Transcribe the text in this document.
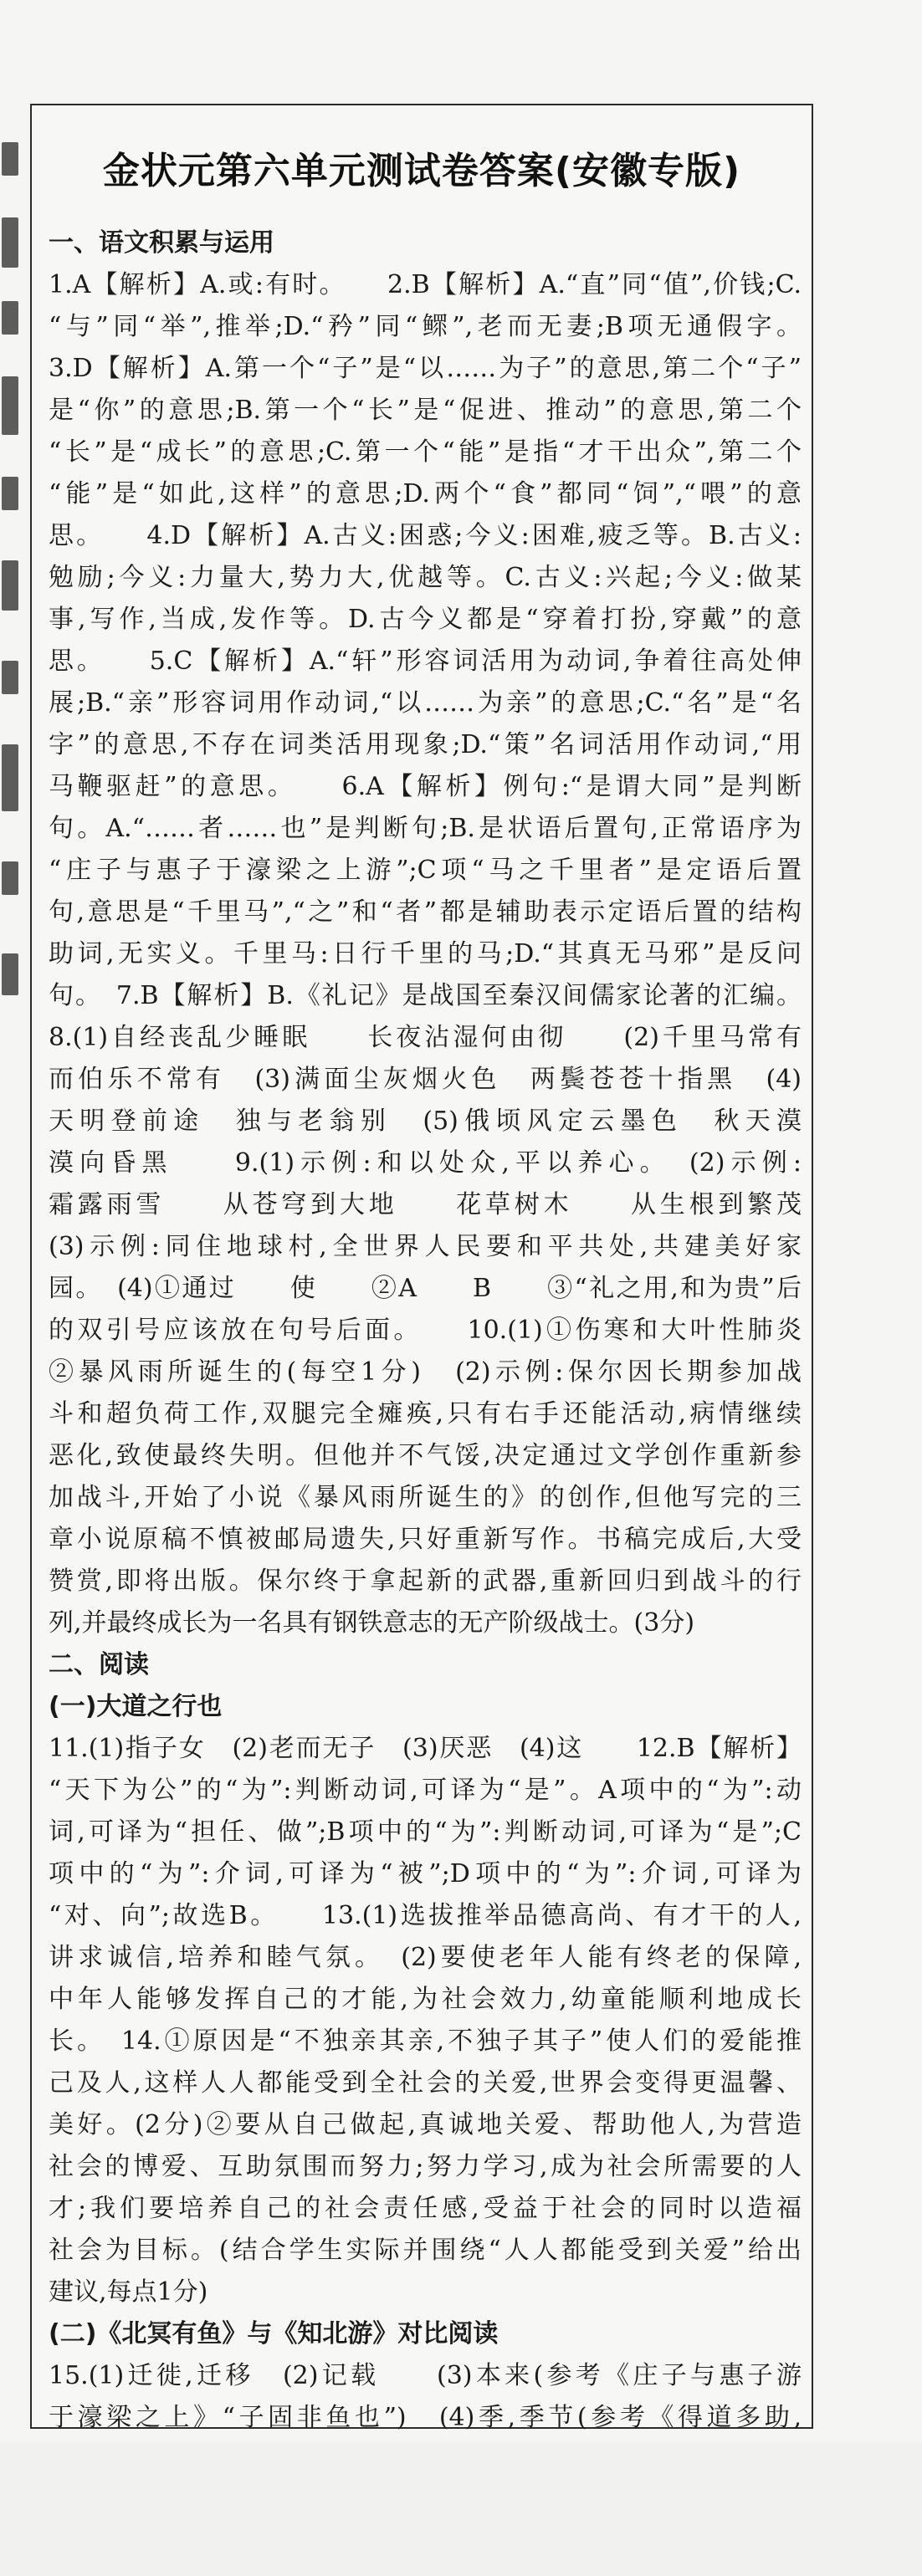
金状元第六单元测试卷答案(安徽专版)
一、语文积累与运用
1.A【解析】A.或:有时。　　2.B【解析】A.“直”同“值”,价钱;C.
“与”同“举”,推举;D.“矜”同“鳏”,老而无妻;B项无通假字。
3.D【解析】A.第一个“子”是“以……为子”的意思,第二个“子”
是“你”的意思;B.第一个“长”是“促进、推动”的意思,第二个
“长”是“成长”的意思;C.第一个“能”是指“才干出众”,第二个
“能”是“如此,这样”的意思;D.两个“食”都同“饲”,“喂”的意
思。　　4.D【解析】A.古义:困惑;今义:困难,疲乏等。B.古义:
勉励;今义:力量大,势力大,优越等。C.古义:兴起;今义:做某
事,写作,当成,发作等。D.古今义都是“穿着打扮,穿戴”的意
思。　　5.C【解析】A.“轩”形容词活用为动词,争着往高处伸
展;B.“亲”形容词用作动词,“以……为亲”的意思;C.“名”是“名
字”的意思,不存在词类活用现象;D.“策”名词活用作动词,“用
马鞭驱赶”的意思。　　6.A【解析】例句:“是谓大同”是判断
句。A.“……者……也”是判断句;B.是状语后置句,正常语序为
“庄子与惠子于濠梁之上游”;C项“马之千里者”是定语后置
句,意思是“千里马”,“之”和“者”都是辅助表示定语后置的结构
助词,无实义。千里马:日行千里的马;D.“其真无马邪”是反问
句。　7.B【解析】B.《礼记》是战国至秦汉间儒家论著的汇编。
8.(1)自经丧乱少睡眠　　长夜沾湿何由彻　　(2)千里马常有
而伯乐不常有　(3)满面尘灰烟火色　两鬓苍苍十指黑　(4)
天明登前途　独与老翁别　(5)俄顷风定云墨色　秋天漠
漠向昏黑　　9.(1)示例:和以处众,平以养心。　(2)示例:
霜露雨雪　　从苍穹到大地　　花草树木　　从生根到繁茂
(3)示例:同住地球村,全世界人民要和平共处,共建美好家
园。　(4)①通过　　使　　②A　　B　　③“礼之用,和为贵”后
的双引号应该放在句号后面。　　10.(1)①伤寒和大叶性肺炎
②暴风雨所诞生的(每空1分)　(2)示例:保尔因长期参加战
斗和超负荷工作,双腿完全瘫痪,只有右手还能活动,病情继续
恶化,致使最终失明。但他并不气馁,决定通过文学创作重新参
加战斗,开始了小说《暴风雨所诞生的》的创作,但他写完的三
章小说原稿不慎被邮局遗失,只好重新写作。书稿完成后,大受
赞赏,即将出版。保尔终于拿起新的武器,重新回归到战斗的行
列,并最终成长为一名具有钢铁意志的无产阶级战士。(3分)
二、阅读
(一)大道之行也
11.(1)指子女　(2)老而无子　(3)厌恶　(4)这　　12.B【解析】
“天下为公”的“为”:判断动词,可译为“是”。A项中的“为”:动
词,可译为“担任、做”;B项中的“为”:判断动词,可译为“是”;C
项中的“为”:介词,可译为“被”;D项中的“为”:介词,可译为
“对、向”;故选B。　　13.(1)选拔推举品德高尚、有才干的人,
讲求诚信,培养和睦气氛。　(2)要使老年人能有终老的保障,
中年人能够发挥自己的才能,为社会效力,幼童能顺利地成长
长。　14.①原因是“不独亲其亲,不独子其子”使人们的爱能推
己及人,这样人人都能受到全社会的关爱,世界会变得更温馨、
美好。(2分)②要从自己做起,真诚地关爱、帮助他人,为营造
社会的博爱、互助氛围而努力;努力学习,成为社会所需要的人
才;我们要培养自己的社会责任感,受益于社会的同时以造福
社会为目标。(结合学生实际并围绕“人人都能受到关爱”给出
建议,每点1分)
(二)《北冥有鱼》与《知北游》对比阅读
15.(1)迁徙,迁移　(2)记载　　(3)本来(参考《庄子与惠子游
于濠梁之上》“子固非鱼也”)　(4)季,季节(参考《得道多助,
